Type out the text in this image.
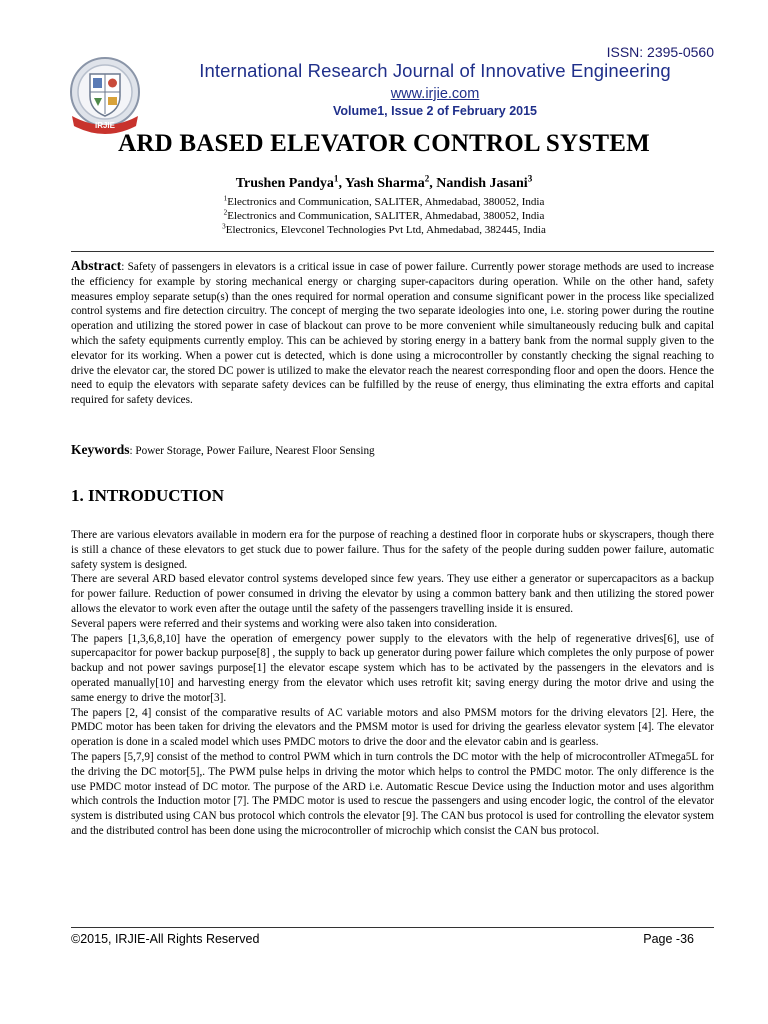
ISSN: 2395-0560
IRJIE
International Research Journal of Innovative Engineering
www.irjie.com
Volume1, Issue 2 of February 2015
ARD BASED ELEVATOR CONTROL SYSTEM
Trushen Pandya$^1$, Yash Sharma$^2$, Nandish Jasani$^3$
$^1$Electronics and Communication, SALITER, Ahmedabad, 380052, India
$^2$Electronics and Communication, SALITER, Ahmedabad, 380052, India
$^3$Electronics, Elevconel Technologies Pvt Ltd, Ahmedabad, 382445, India
Abstract: Safety of passengers in elevators is a critical issue in case of power failure. Currently power storage methods are used to increase the efficiency for example by storing mechanical energy or charging super-capacitors during operation. While on the other hand, safety measures employ separate setup(s) than the ones required for normal operation and consume significant power in the process like specialized control systems and fire detection circuitry. The concept of merging the two separate ideologies into one, i.e. storing power during the routine operation and utilizing the stored power in case of blackout can prove to be more convenient while simultaneously reducing bulk and capital which the safety equipments currently employ. This can be achieved by storing energy in a battery bank from the normal supply given to the elevator for its working. When a power cut is detected, which is done using a microcontroller by constantly checking the signal reaching to drive the elevator car, the stored DC power is utilized to make the elevator reach the nearest corresponding floor and open the doors. Hence the need to equip the elevators with separate safety devices can be fulfilled by the reuse of energy, thus eliminating the extra efforts and capital required for safety devices.
Keywords: Power Storage, Power Failure, Nearest Floor Sensing
1. INTRODUCTION

There are various elevators available in modern era for the purpose of reaching a destined floor in corporate hubs or skyscrapers, though there is still a chance of these elevators to get stuck due to power failure. Thus for the safety of the people during sudden power failure, automatic safety system is designed.

There are several ARD based elevator control systems developed since few years. They use either a generator or supercapacitors as a backup for power failure. Reduction of power consumed in driving the elevator by using a common battery bank and then utilizing the stored power allows the elevator to work even after the outage until the safety of the passengers travelling inside it is ensured.

Several papers were referred and their systems and working were also taken into consideration.

The papers [1,3,6,8,10] have the operation of emergency power supply to the elevators with the help of regenerative drives[6], use of supercapacitor for power backup purpose[8] , the supply to back up generator during power failure which completes the only purpose of power backup and not power savings purpose[1] the elevator escape system which has to be activated by the passengers in the elevators and is operated manually[10] and harvesting energy from the elevator which uses retrofit kit; saving energy during the motor drive and using the same energy to drive the motor[3].

The papers [2, 4] consist of the comparative results of AC variable motors and also PMSM motors for the driving elevators [2]. Here, the PMDC motor has been taken for driving the elevators and the PMSM motor is used for driving the gearless elevator system [4]. The elevator operation is done in a scaled model which uses PMDC motors to drive the door and the elevator cabin and is gearless.

The papers [5,7,9] consist of the method to control PWM which in turn controls the DC motor with the help of microcontroller ATmega5L for the driving the DC motor[5],. The PWM pulse helps in driving the motor which helps to control the PMDC motor. The only difference is the use PMDC motor instead of DC motor. The purpose of the ARD i.e. Automatic Rescue Device using the Induction motor and uses algorithm which controls the Induction motor [7]. The PMDC motor is used to rescue the passengers and using encoder logic, the control of the elevator system is distributed using CAN bus protocol which controls the elevator [9]. The CAN bus protocol is used for controlling the elevator system and the distributed control has been done using the microcontroller of microchip which consist the CAN bus protocol.

©2015, IRJIE-All Rights Reserved	Page -36
